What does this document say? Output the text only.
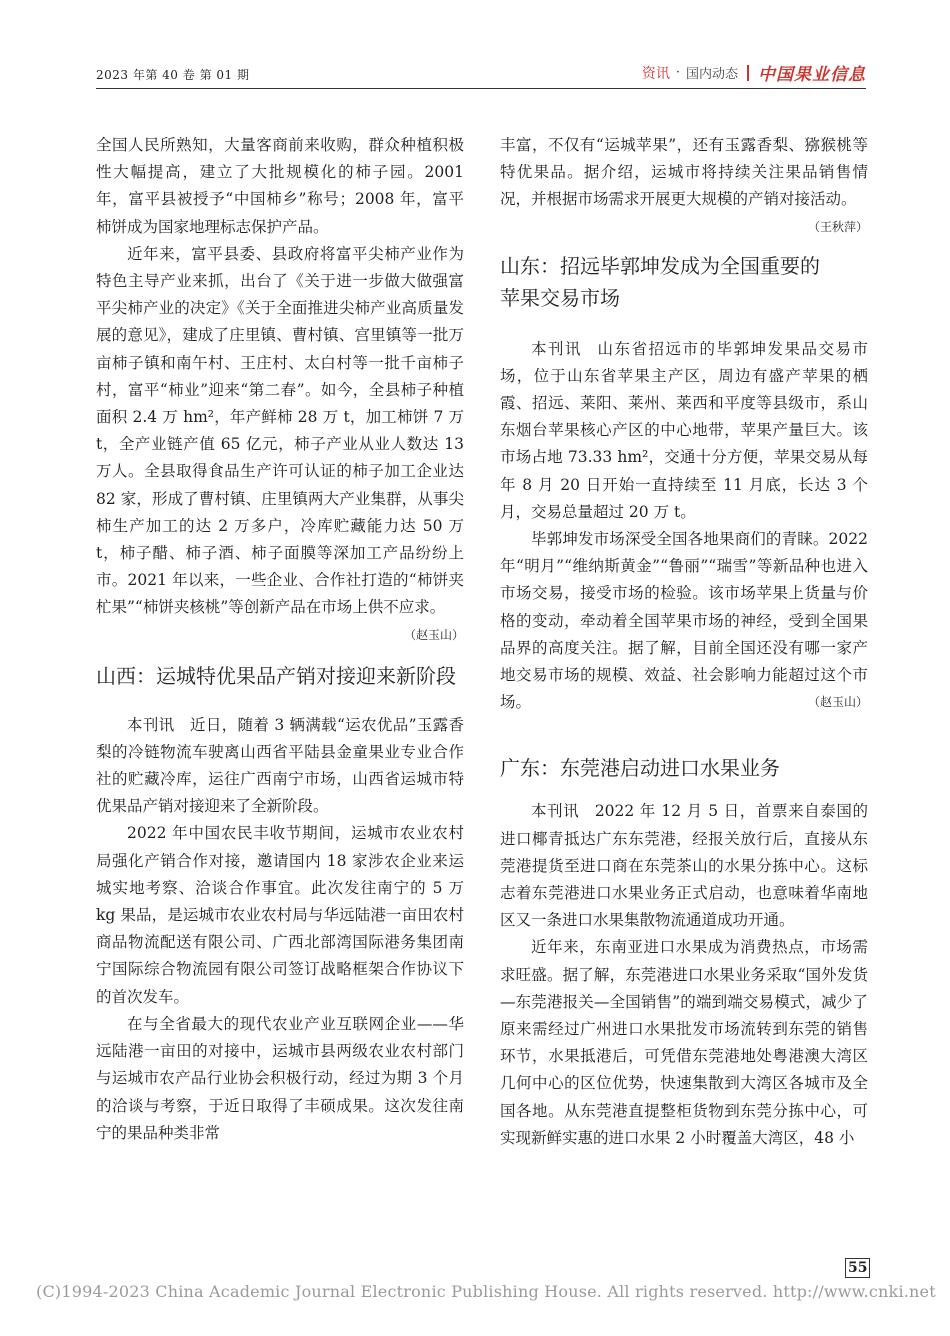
2023 年第 40 卷 第 01 期	资讯 · 国内动态 中国果业信息

全国人民所熟知，大量客商前来收购，群众种植积极性大幅提高，建立了大批规模化的柿子园。2001 年，富平县被授予“中国柿乡”称号；2008 年，富平柿饼成为国家地理标志保护产品。

近年来，富平县委、县政府将富平尖柿产业作为特色主导产业来抓，出台了《关于进一步做大做强富平尖柿产业的决定》《关于全面推进尖柿产业高质量发展的意见》，建成了庄里镇、曹村镇、宫里镇等一批万亩柿子镇和南午村、王庄村、太白村等一批千亩柿子村，富平“柿业”迎来“第二春”。如今，全县柿子种植面积 2.4 万 hm²，年产鲜柿 28 万 t，加工柿饼 7 万 t，全产业链产值 65 亿元，柿子产业从业人数达 13 万人。全县取得食品生产许可认证的柿子加工企业达 82 家，形成了曹村镇、庄里镇两大产业集群，从事尖柿生产加工的达 2 万多户，冷库贮藏能力达 50 万 t，柿子醋、柿子酒、柿子面膜等深加工产品纷纷上市。2021 年以来，一些企业、合作社打造的“柿饼夹杧果”“柿饼夹核桃”等创新产品在市场上供不应求。
（赵玉山）

山西：运城特优果品产销对接迎来新阶段

本刊讯 近日，随着 3 辆满载“运农优品”玉露香梨的冷链物流车驶离山西省平陆县金童果业专业合作社的贮藏冷库，运往广西南宁市场，山西省运城市特优果品产销对接迎来了全新阶段。

2022 年中国农民丰收节期间，运城市农业农村局强化产销合作对接，邀请国内 18 家涉农企业来运城实地考察、洽谈合作事宜。此次发往南宁的 5 万 kg 果品，是运城市农业农村局与华远陆港一亩田农村商品物流配送有限公司、广西北部湾国际港务集团南宁国际综合物流园有限公司签订战略框架合作协议下的首次发车。

在与全省最大的现代农业产业互联网企业——华远陆港一亩田的对接中，运城市县两级农业农村部门与运城市农产品行业协会积极行动，经过为期 3 个月的洽谈与考察，于近日取得了丰硕成果。这次发往南宁的果品种类非常

丰富，不仅有“运城苹果”，还有玉露香梨、猕猴桃等特优果品。据介绍，运城市将持续关注果品销售情况，并根据市场需求开展更大规模的产销对接活动。
（王秋萍）

山东：招远毕郭坤发成为全国重要的
苹果交易市场

本刊讯 山东省招远市的毕郭坤发果品交易市场，位于山东省苹果主产区，周边有盛产苹果的栖霞、招远、莱阳、莱州、莱西和平度等县级市，系山东烟台苹果核心产区的中心地带，苹果产量巨大。该市场占地 73.33 hm²，交通十分方便，苹果交易从每年 8 月 20 日开始一直持续至 11 月底，长达 3 个月，交易总量超过 20 万 t。

毕郭坤发市场深受全国各地果商们的青睐。2022 年“明月”“维纳斯黄金”“鲁丽”“瑞雪”等新品种也进入市场交易，接受市场的检验。该市场苹果上货量与价格的变动，牵动着全国苹果市场的神经，受到全国果品界的高度关注。据了解，目前全国还没有哪一家产地交易市场的规模、效益、社会影响力能超过这个市场。	（赵玉山）

广东：东莞港启动进口水果业务

本刊讯 2022 年 12 月 5 日，首票来自泰国的进口椰青抵达广东东莞港，经报关放行后，直接从东莞港提货至进口商在东莞茶山的水果分拣中心。这标志着东莞港进口水果业务正式启动，也意味着华南地区又一条进口水果集散物流通道成功开通。

近年来，东南亚进口水果成为消费热点，市场需求旺盛。据了解，东莞港进口水果业务采取“国外发货—东莞港报关—全国销售”的端到端交易模式，减少了原来需经过广州进口水果批发市场流转到东莞的销售环节，水果抵港后，可凭借东莞港地处粤港澳大湾区几何中心的区位优势，快速集散到大湾区各城市及全国各地。从东莞港直提整柜货物到东莞分拣中心，可实现新鲜实惠的进口水果 2 小时覆盖大湾区，48 小

55
(C)1994-2023 China Academic Journal Electronic Publishing House. All rights reserved. http://www.cnki.net
